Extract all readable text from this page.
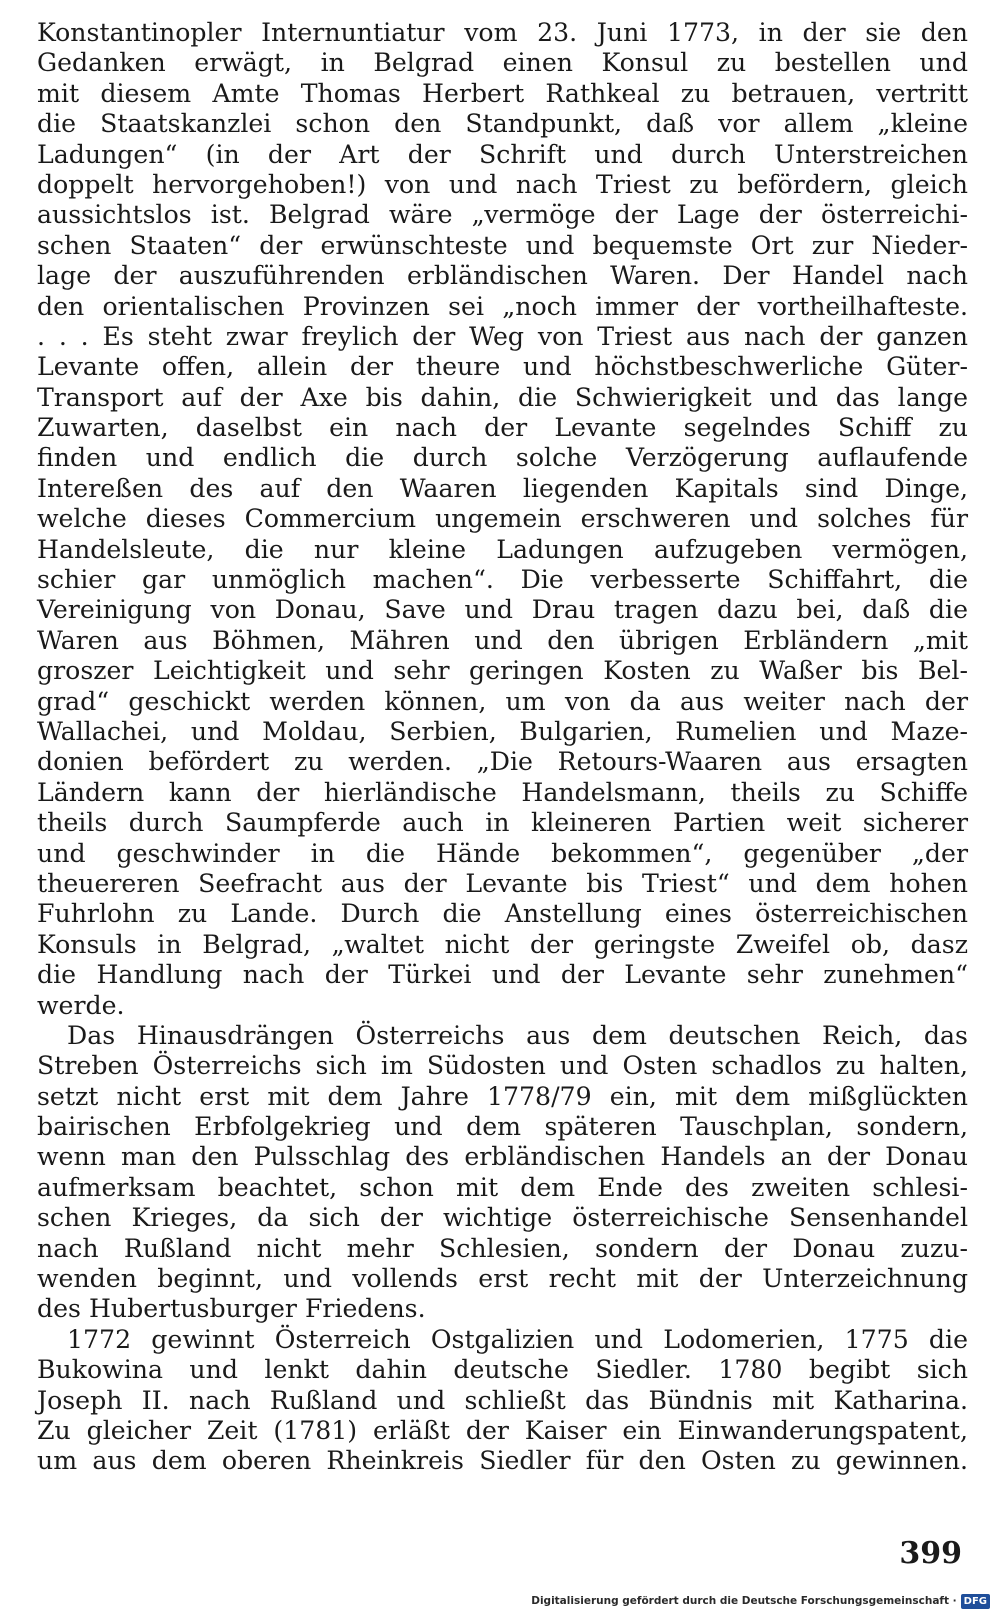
Konstantinopler Internuntiatur vom 23. Juni 1773, in der sie den
Gedanken erwägt, in Belgrad einen Konsul zu bestellen und
mit diesem Amte Thomas Herbert Rathkeal zu betrauen, vertritt
die Staatskanzlei schon den Standpunkt, daß vor allem „kleine
Ladungen“ (in der Art der Schrift und durch Unterstreichen
doppelt hervorgehoben!) von und nach Triest zu befördern, gleich
aussichtslos ist. Belgrad wäre „vermöge der Lage der österreichi-
schen Staaten“ der erwünschteste und bequemste Ort zur Nieder-
lage der auszuführenden erbländischen Waren. Der Handel nach
den orientalischen Provinzen sei „noch immer der vortheilhafteste.
. . . Es steht zwar freylich der Weg von Triest aus nach der ganzen
Levante offen, allein der theure und höchstbeschwerliche Güter-
Transport auf der Axe bis dahin, die Schwierigkeit und das lange
Zuwarten, daselbst ein nach der Levante segelndes Schiff zu
finden und endlich die durch solche Verzögerung auflaufende
Intereßen des auf den Waaren liegenden Kapitals sind Dinge,
welche dieses Commercium ungemein erschweren und solches für
Handelsleute, die nur kleine Ladungen aufzugeben vermögen,
schier gar unmöglich machen“. Die verbesserte Schiffahrt, die
Vereinigung von Donau, Save und Drau tragen dazu bei, daß die
Waren aus Böhmen, Mähren und den übrigen Erbländern „mit
groszer Leichtigkeit und sehr geringen Kosten zu Waßer bis Bel-
grad“ geschickt werden können, um von da aus weiter nach der
Wallachei, und Moldau, Serbien, Bulgarien, Rumelien und Maze-
donien befördert zu werden. „Die Retours-Waaren aus ersagten
Ländern kann der hierländische Handelsmann, theils zu Schiffe
theils durch Saumpferde auch in kleineren Partien weit sicherer
und geschwinder in die Hände bekommen“, gegenüber „der
theuereren Seefracht aus der Levante bis Triest“ und dem hohen
Fuhrlohn zu Lande. Durch die Anstellung eines österreichischen
Konsuls in Belgrad, „waltet nicht der geringste Zweifel ob, dasz
die Handlung nach der Türkei und der Levante sehr zunehmen“
werde.
Das Hinausdrängen Österreichs aus dem deutschen Reich, das
Streben Österreichs sich im Südosten und Osten schadlos zu halten,
setzt nicht erst mit dem Jahre 1778/79 ein, mit dem mißglückten
bairischen Erbfolgekrieg und dem späteren Tauschplan, sondern,
wenn man den Pulsschlag des erbländischen Handels an der Donau
aufmerksam beachtet, schon mit dem Ende des zweiten schlesi-
schen Krieges, da sich der wichtige österreichische Sensenhandel
nach Rußland nicht mehr Schlesien, sondern der Donau zuzu-
wenden beginnt, und vollends erst recht mit der Unterzeichnung
des Hubertusburger Friedens.
1772 gewinnt Österreich Ostgalizien und Lodomerien, 1775 die
Bukowina und lenkt dahin deutsche Siedler. 1780 begibt sich
Joseph II. nach Rußland und schließt das Bündnis mit Katharina.
Zu gleicher Zeit (1781) erläßt der Kaiser ein Einwanderungspatent,
um aus dem oberen Rheinkreis Siedler für den Osten zu gewinnen.

399

Digitalisierung gefördert durch die Deutsche Forschungsgemeinschaft · DFG
